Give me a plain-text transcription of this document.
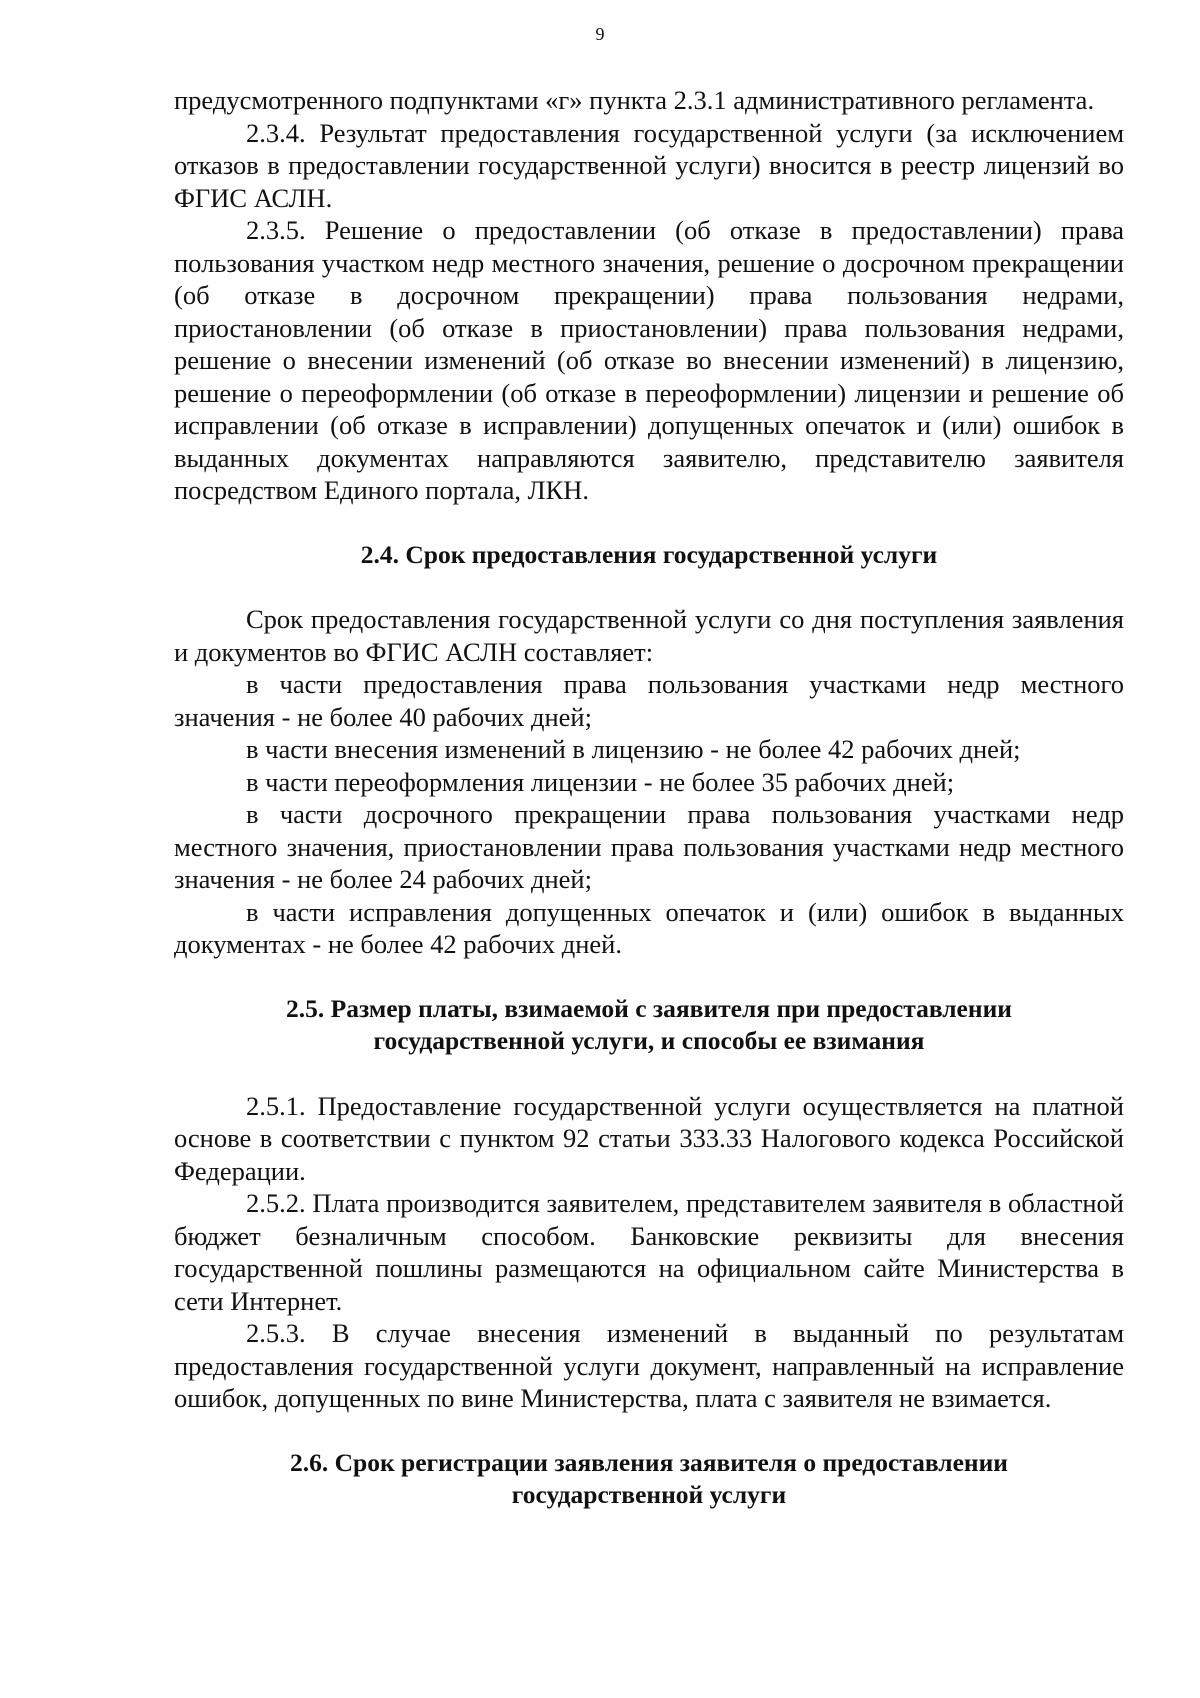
9

предусмотренного подпунктами «г» пункта 2.3.1 административного регламента.

2.3.4. Результат предоставления государственной услуги (за исключением отказов в предоставлении государственной услуги) вносится в реестр лицензий во ФГИС АСЛН.

2.3.5. Решение о предоставлении (об отказе в предоставлении) права пользования участком недр местного значения, решение о досрочном прекращении (об отказе в досрочном прекращении) права пользования недрами, приостановлении (об отказе в приостановлении) права пользования недрами, решение о внесении изменений (об отказе во внесении изменений) в лицензию, решение о переоформлении (об отказе в переоформлении) лицензии и решение об исправлении (об отказе в исправлении) допущенных опечаток и (или) ошибок в выданных документах направляются заявителю, представителю заявителя посредством Единого портала, ЛКН.

2.4. Срок предоставления государственной услуги

Срок предоставления государственной услуги со дня поступления заявления и документов во ФГИС АСЛН составляет:

в части предоставления права пользования участками недр местного значения - не более 40 рабочих дней;

в части внесения изменений в лицензию - не более 42 рабочих дней;

в части переоформления лицензии - не более 35 рабочих дней;

в части досрочного прекращении права пользования участками недр местного значения, приостановлении права пользования участками недр местного значения - не более 24 рабочих дней;

в части исправления допущенных опечаток и (или) ошибок в выданных документах - не более 42 рабочих дней.

2.5. Размер платы, взимаемой с заявителя при предоставлении

государственной услуги, и способы ее взимания

2.5.1. Предоставление государственной услуги осуществляется на платной основе в соответствии с пунктом 92 статьи 333.33 Налогового кодекса Российской Федерации.

2.5.2. Плата производится заявителем, представителем заявителя в областной бюджет безналичным способом. Банковские реквизиты для внесения государственной пошлины размещаются на официальном сайте Министерства в сети Интернет.

2.5.3. В случае внесения изменений в выданный по результатам предоставления государственной услуги документ, направленный на исправление ошибок, допущенных по вине Министерства, плата с заявителя не взимается.

2.6. Срок регистрации заявления заявителя о предоставлении

государственной услуги
